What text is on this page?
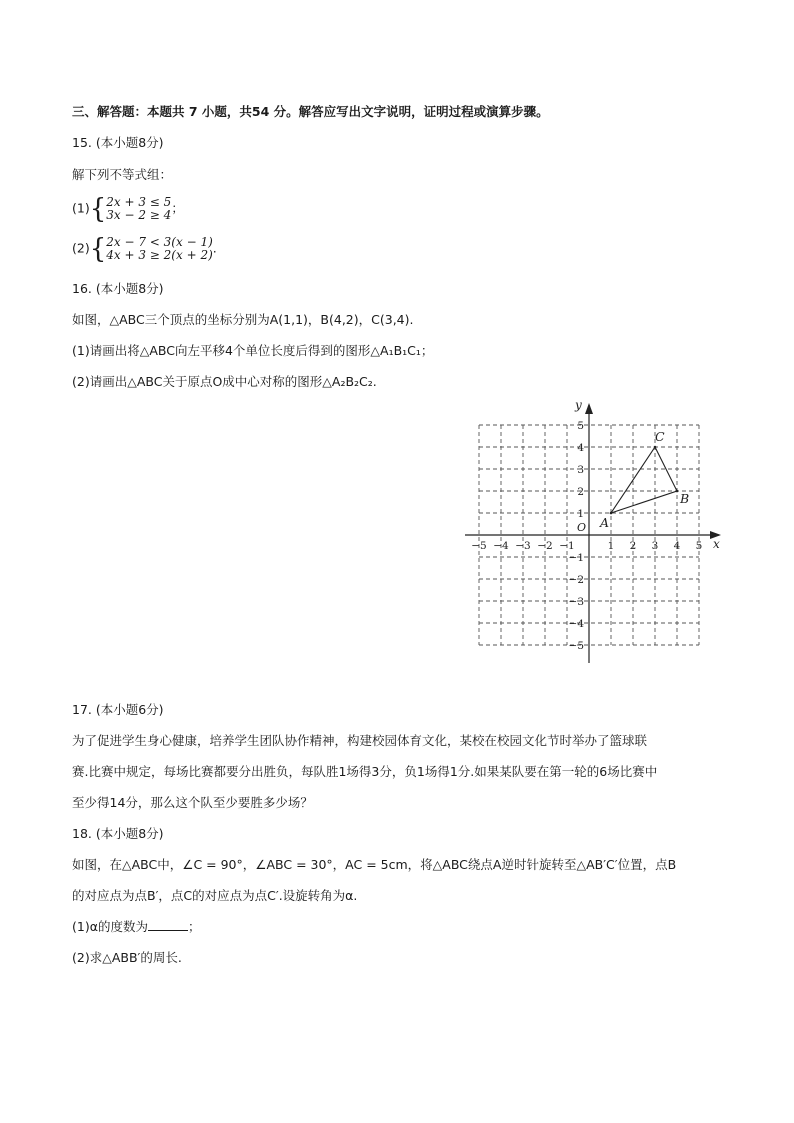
三、解答题：本题共 7 小题，共54 分。解答应写出文字说明，证明过程或演算步骤。
15. (本小题8分)
解下列不等式组：
(1){2x + 3 ≤ 5
3x − 2 ≥ 4；
(2){2x − 7 < 3(x − 1)
4x + 3 ≥ 2(x + 2).
16. (本小题8分)
如图，△ABC三个顶点的坐标分别为A(1,1)，B(4,2)，C(3,4).
(1)请画出将△ABC向左平移4个单位长度后得到的图形△A₁B₁C₁；
(2)请画出△ABC关于原点O成中心对称的图形△A₂B₂C₂.
x
y
O
−5 −4 −3 −2 −1	1 2 3 4 5
−5
−4
−3
−2
−1
1
2
3
4
5
A
B
C
17. (本小题6分)
为了促进学生身心健康，培养学生团队协作精神，构建校园体育文化，某校在校园文化节时举办了篮球联
赛.比赛中规定，每场比赛都要分出胜负，每队胜1场得3分，负1场得1分.如果某队要在第一轮的6场比赛中
至少得14分，那么这个队至少要胜多少场？
18. (本小题8分)
如图，在△ABC中，∠C = 90°，∠ABC = 30°，AC = 5cm，将△ABC绕点A逆时针旋转至△AB′C′位置，点B
的对应点为点B′，点C的对应点为点C′.设旋转角为α.
(1)α的度数为	；
(2)求△ABB′的周长.
